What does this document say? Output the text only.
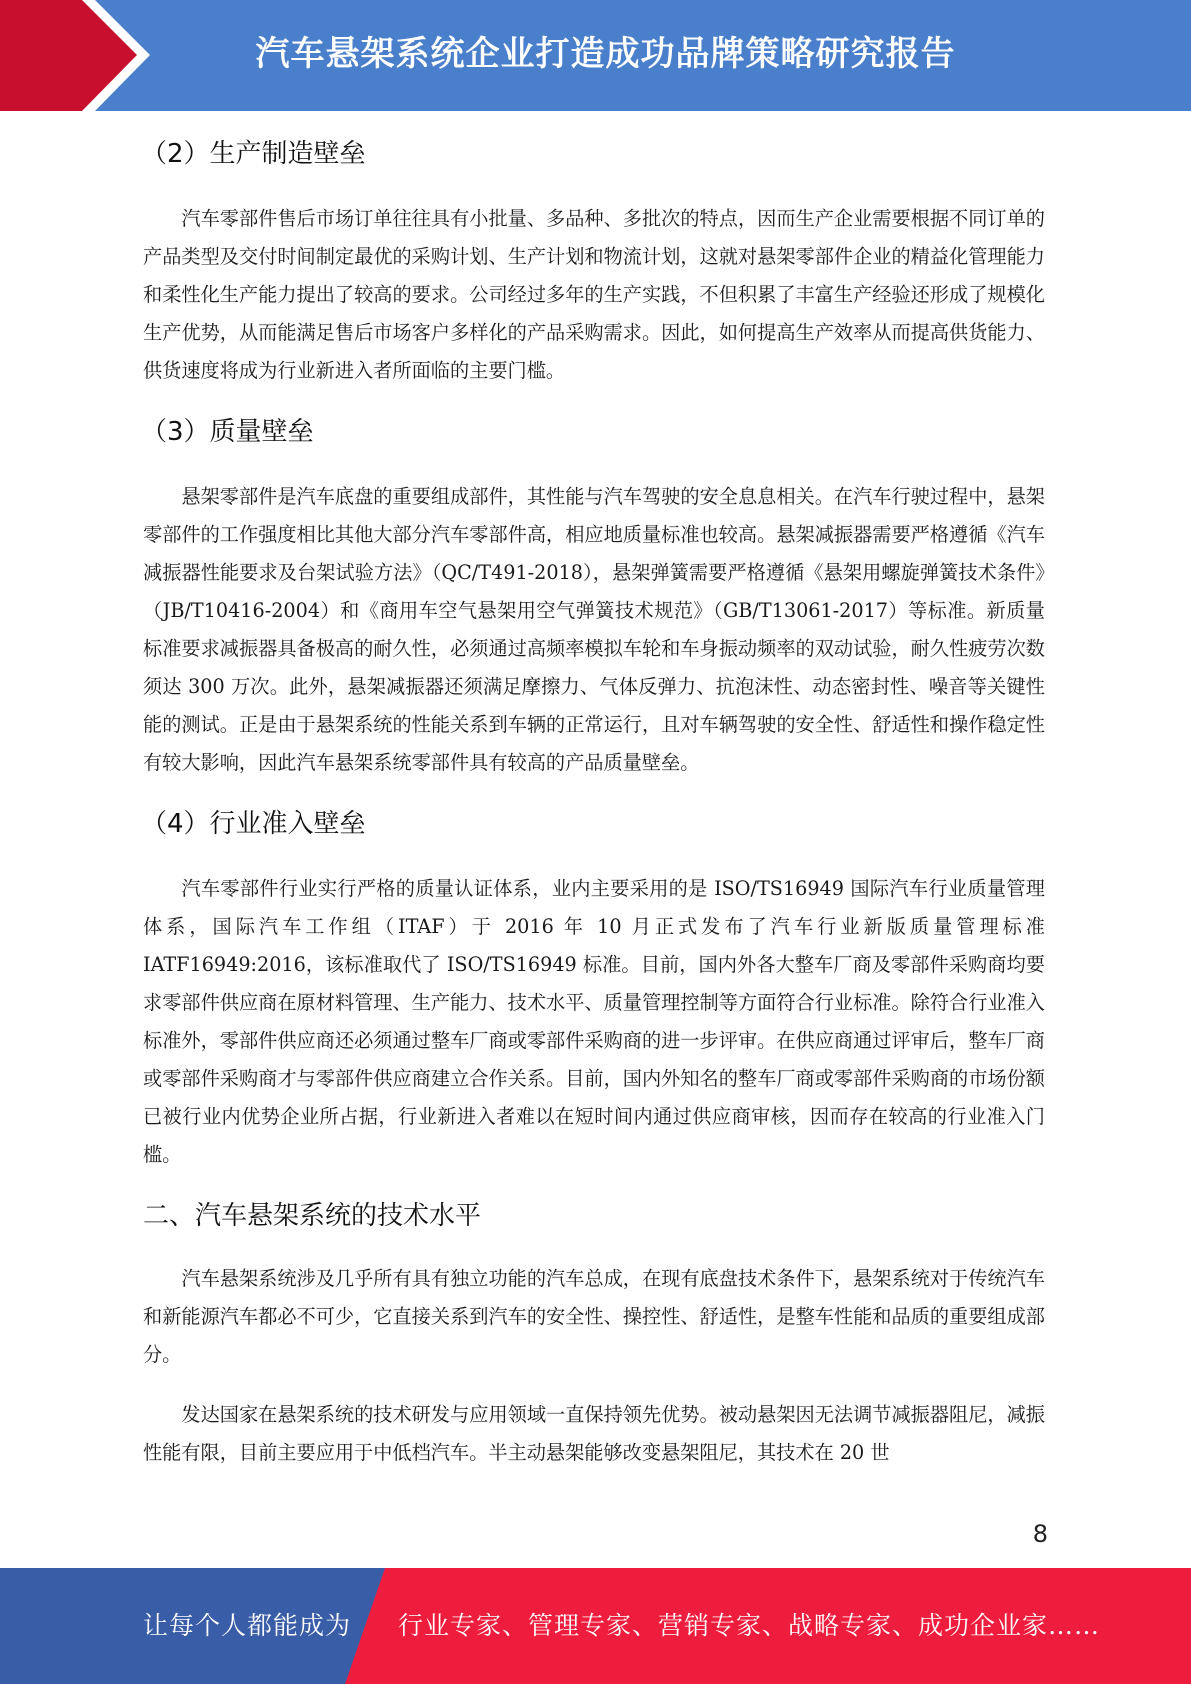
汽车悬架系统企业打造成功品牌策略研究报告
（2）生产制造壁垒

汽车零部件售后市场订单往往具有小批量、多品种、多批次的特点，因而生产企业需要根据不同订单的产品类型及交付时间制定最优的采购计划、生产计划和物流计划，这就对悬架零部件企业的精益化管理能力和柔性化生产能力提出了较高的要求。公司经过多年的生产实践，不但积累了丰富生产经验还形成了规模化生产优势，从而能满足售后市场客户多样化的产品采购需求。因此，如何提高生产效率从而提高供货能力、供货速度将成为行业新进入者所面临的主要门槛。

（3）质量壁垒

悬架零部件是汽车底盘的重要组成部件，其性能与汽车驾驶的安全息息相关。在汽车行驶过程中，悬架零部件的工作强度相比其他大部分汽车零部件高，相应地质量标准也较高。悬架减振器需要严格遵循《汽车减振器性能要求及台架试验方法》（QC/T491-2018），悬架弹簧需要严格遵循《悬架用螺旋弹簧技术条件》（JB/T10416-2004）和《商用车空气悬架用空气弹簧技术规范》（GB/T13061-2017）等标准。新质量标准要求减振器具备极高的耐久性，必须通过高频率模拟车轮和车身振动频率的双动试验，耐久性疲劳次数须达 300 万次。此外，悬架减振器还须满足摩擦力、气体反弹力、抗泡沫性、动态密封性、噪音等关键性能的测试。正是由于悬架系统的性能关系到车辆的正常运行，且对车辆驾驶的安全性、舒适性和操作稳定性有较大影响，因此汽车悬架系统零部件具有较高的产品质量壁垒。

（4）行业准入壁垒

汽车零部件行业实行严格的质量认证体系，业内主要采用的是 ISO/TS16949 国际汽车行业质量管理体系，国际汽车工作组（ITAF）于 2016 年 10 月正式发布了汽车行业新版质量管理标准 IATF16949:2016，该标准取代了 ISO/TS16949 标准。目前，国内外各大整车厂商及零部件采购商均要求零部件供应商在原材料管理、生产能力、技术水平、质量管理控制等方面符合行业标准。除符合行业准入标准外，零部件供应商还必须通过整车厂商或零部件采购商的进一步评审。在供应商通过评审后，整车厂商或零部件采购商才与零部件供应商建立合作关系。目前，国内外知名的整车厂商或零部件采购商的市场份额已被行业内优势企业所占据，行业新进入者难以在短时间内通过供应商审核，因而存在较高的行业准入门槛。

二、汽车悬架系统的技术水平

汽车悬架系统涉及几乎所有具有独立功能的汽车总成，在现有底盘技术条件下，悬架系统对于传统汽车和新能源汽车都必不可少，它直接关系到汽车的安全性、操控性、舒适性，是整车性能和品质的重要组成部分。

发达国家在悬架系统的技术研发与应用领域一直保持领先优势。被动悬架因无法调节减振器阻尼，减振性能有限，目前主要应用于中低档汽车。半主动悬架能够改变悬架阻尼，其技术在 20 世

8
让每个人都能成为 行业专家、管理专家、营销专家、战略专家、成功企业家……
